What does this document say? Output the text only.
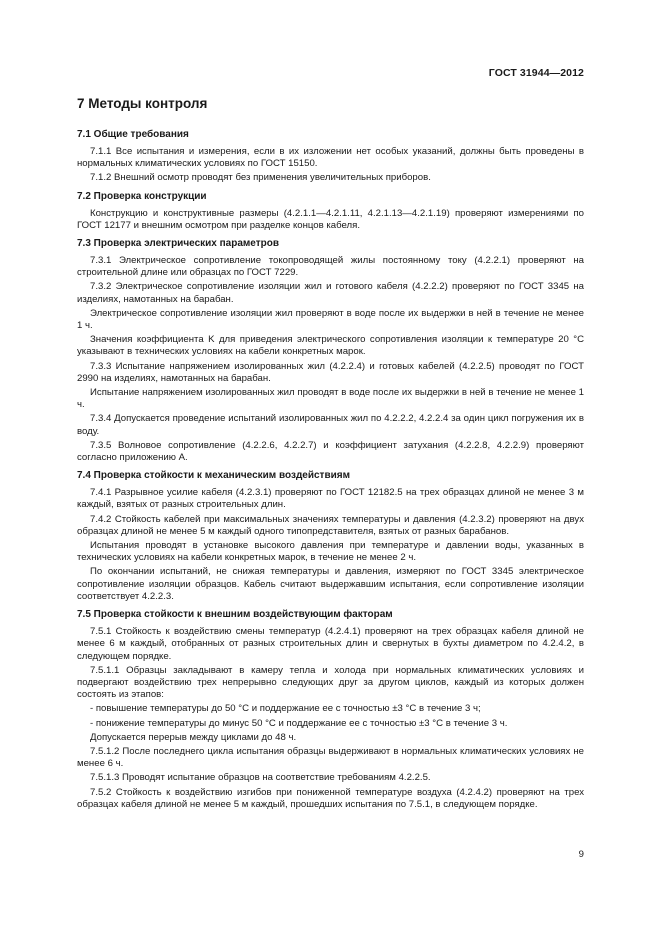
ГОСТ 31944—2012
7 Методы контроля
7.1 Общие требования
7.1.1 Все испытания и измерения, если в их изложении нет особых указаний, должны быть проведены в нормальных климатических условиях по ГОСТ 15150.
7.1.2 Внешний осмотр проводят без применения увеличительных приборов.
7.2 Проверка конструкции
Конструкцию и конструктивные размеры (4.2.1.1—4.2.1.11, 4.2.1.13—4.2.1.19) проверяют измерениями по ГОСТ 12177 и внешним осмотром при разделке концов кабеля.
7.3 Проверка электрических параметров
7.3.1 Электрическое сопротивление токопроводящей жилы постоянному току (4.2.2.1) проверяют на строительной длине или образцах по ГОСТ 7229.
7.3.2 Электрическое сопротивление изоляции жил и готового кабеля (4.2.2.2) проверяют по ГОСТ 3345 на изделиях, намотанных на барабан.
Электрическое сопротивление изоляции жил проверяют в воде после их выдержки в ней в течение не менее 1 ч.
Значения коэффициента K для приведения электрического сопротивления изоляции к температуре 20 °С указывают в технических условиях на кабели конкретных марок.
7.3.3 Испытание напряжением изолированных жил (4.2.2.4) и готовых кабелей (4.2.2.5) проводят по ГОСТ 2990 на изделиях, намотанных на барабан.
Испытание напряжением изолированных жил проводят в воде после их выдержки в ней в течение не менее 1 ч.
7.3.4 Допускается проведение испытаний изолированных жил по 4.2.2.2, 4.2.2.4 за один цикл погружения их в воду.
7.3.5 Волновое сопротивление (4.2.2.6, 4.2.2.7) и коэффициент затухания (4.2.2.8, 4.2.2.9) проверяют согласно приложению А.
7.4 Проверка стойкости к механическим воздействиям
7.4.1 Разрывное усилие кабеля (4.2.3.1) проверяют по ГОСТ 12182.5 на трех образцах длиной не менее 3 м каждый, взятых от разных строительных длин.
7.4.2 Стойкость кабелей при максимальных значениях температуры и давления (4.2.3.2) проверяют на двух образцах длиной не менее 5 м каждый одного типопредставителя, взятых от разных барабанов.
Испытания проводят в установке высокого давления при температуре и давлении воды, указанных в технических условиях на кабели конкретных марок, в течение не менее 2 ч.
По окончании испытаний, не снижая температуры и давления, измеряют по ГОСТ 3345 электрическое сопротивление изоляции образцов. Кабель считают выдержавшим испытания, если сопротивление изоляции соответствует 4.2.2.3.
7.5 Проверка стойкости к внешним воздействующим факторам
7.5.1 Стойкость к воздействию смены температур (4.2.4.1) проверяют на трех образцах кабеля длиной не менее 6 м каждый, отобранных от разных строительных длин и свернутых в бухты диаметром по 4.2.4.2, в следующем порядке.
7.5.1.1 Образцы закладывают в камеру тепла и холода при нормальных климатических условиях и подвергают воздействию трех непрерывно следующих друг за другом циклов, каждый из которых должен состоять из этапов:
- повышение температуры до 50 °С и поддержание ее с точностью ±3 °С в течение 3 ч;
- понижение температуры до минус 50 °С и поддержание ее с точностью ±3 °С в течение 3 ч.
Допускается перерыв между циклами до 48 ч.
7.5.1.2 После последнего цикла испытания образцы выдерживают в нормальных климатических условиях не менее 6 ч.
7.5.1.3 Проводят испытание образцов на соответствие требованиям 4.2.2.5.
7.5.2 Стойкость к воздействию изгибов при пониженной температуре воздуха (4.2.4.2) проверяют на трех образцах кабеля длиной не менее 5 м каждый, прошедших испытания по 7.5.1, в следующем порядке.
9
